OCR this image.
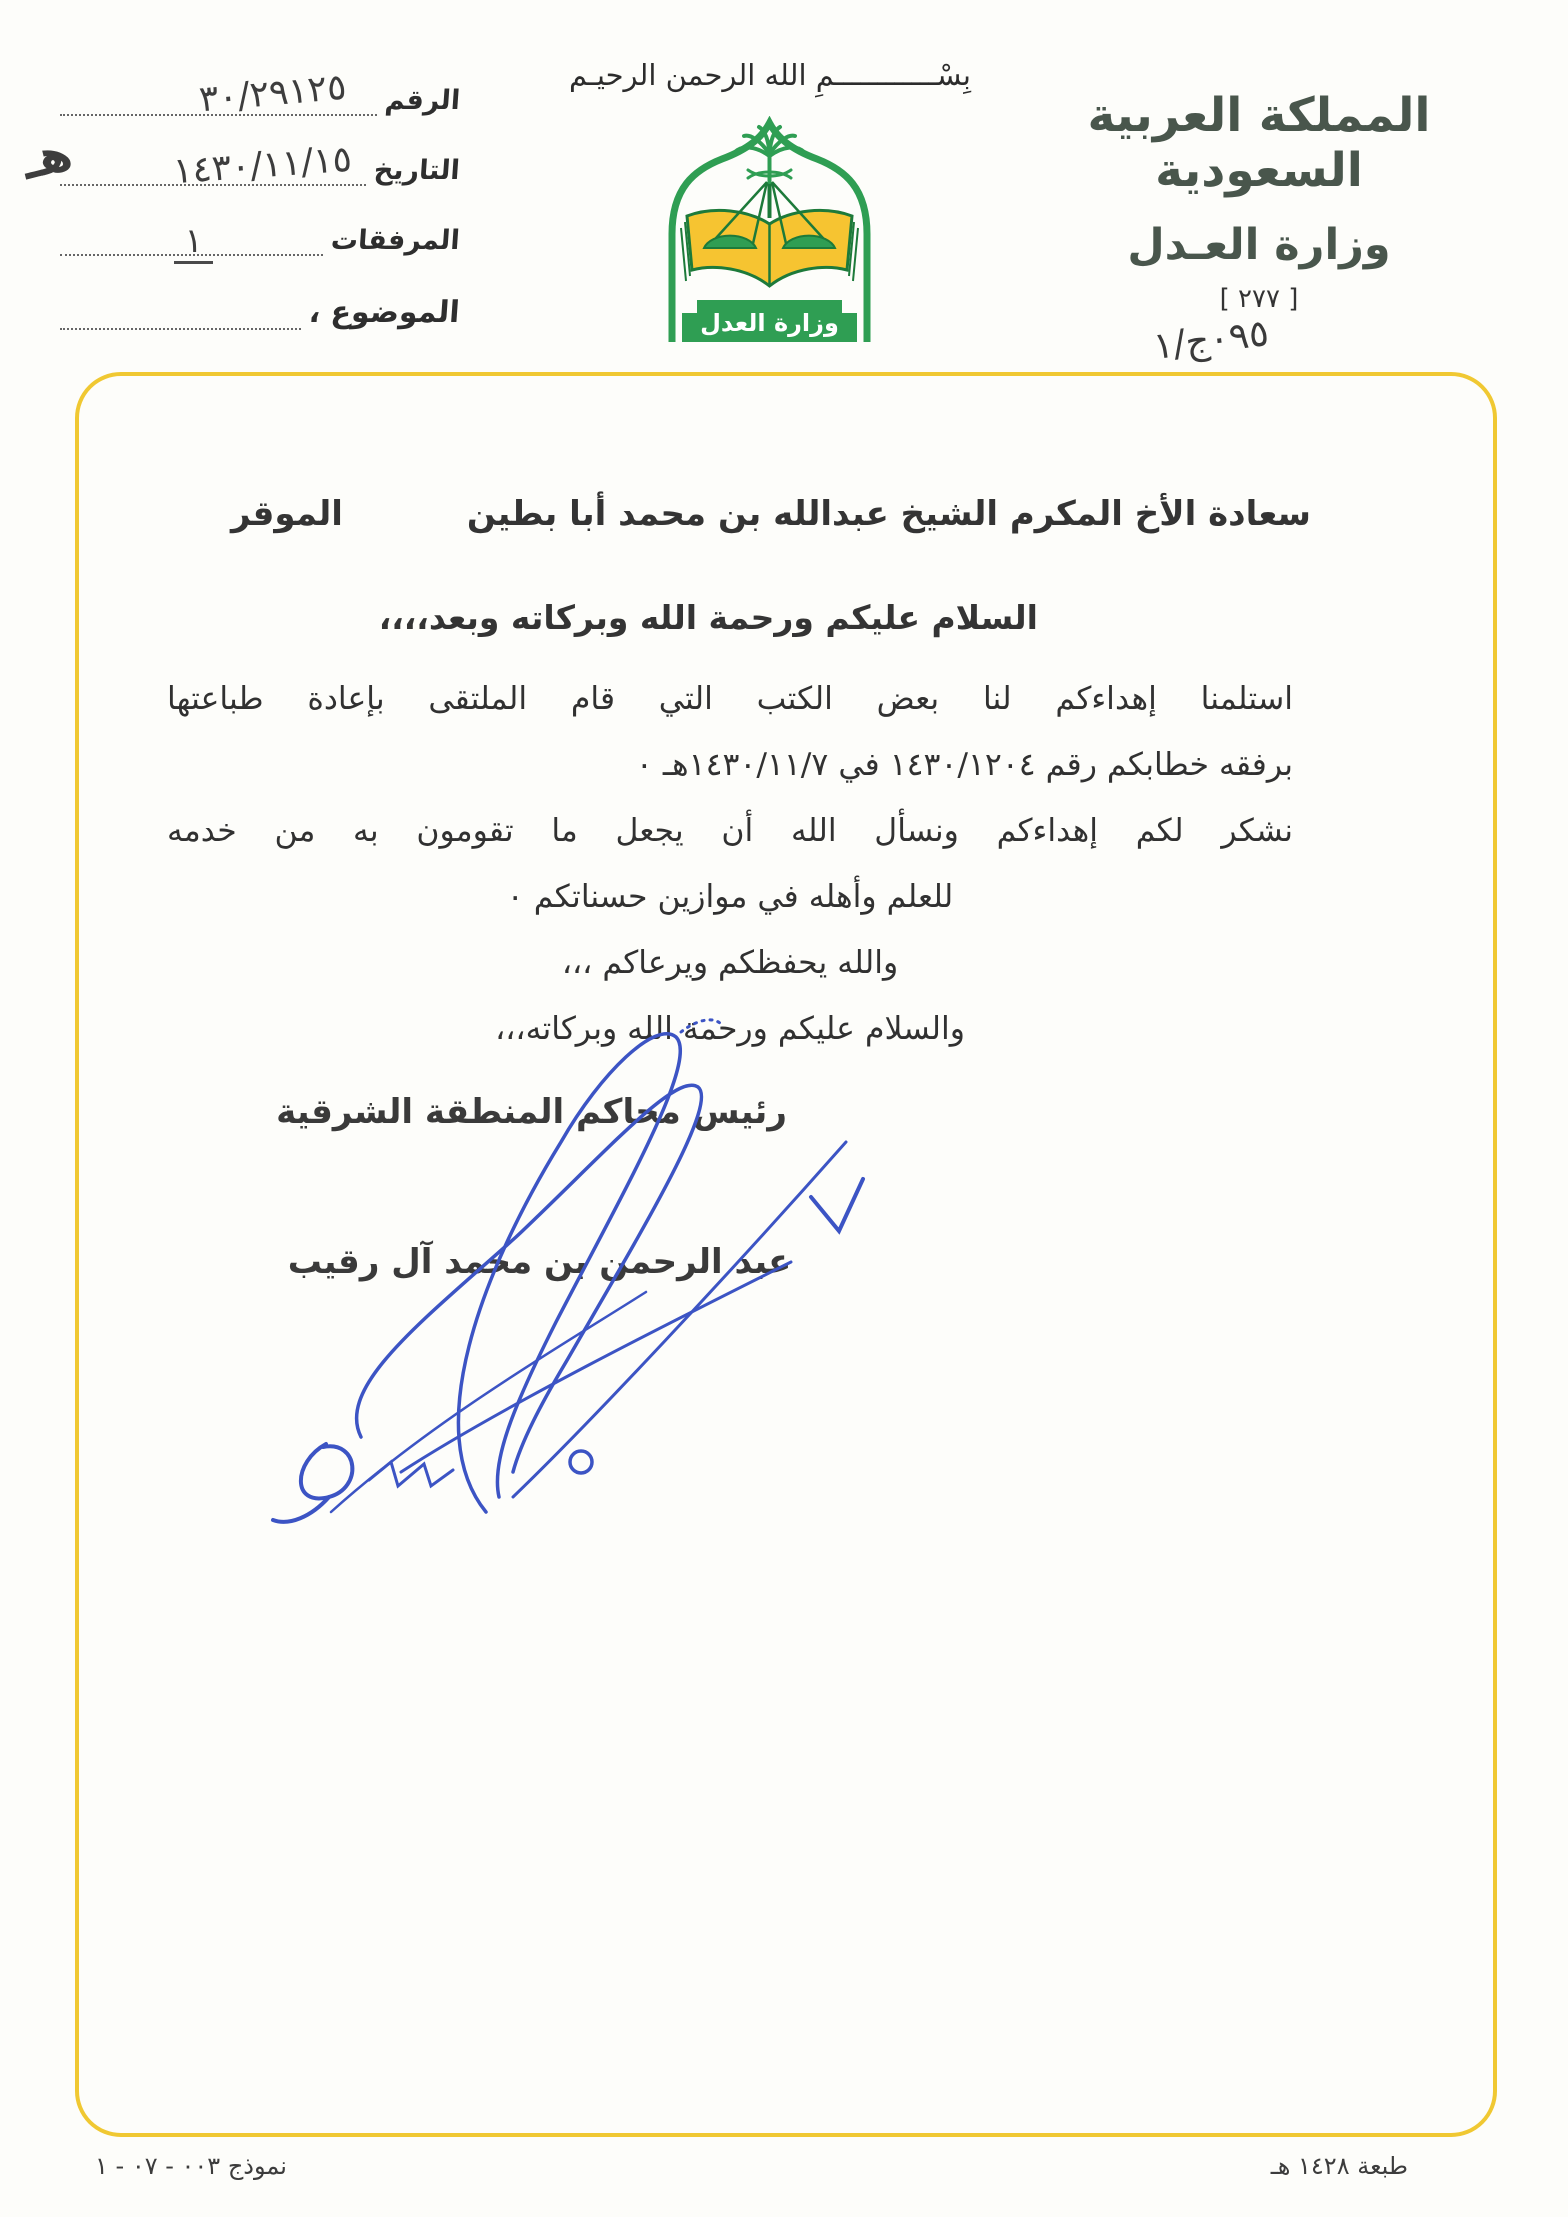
الرقم
٣٠/٢٩١٢٥
التاريخ
١٤٣٠/١١/١٥
هـ
المرفقات
١
الموضوع ،
بِسْــــــــــــمِ الله الرحمن الرحيـم
وزارة العدل
المملكة العربية السعودية
وزارة العـدل
[ ٢٧٧ ]
١/ج٠٩٥
سعادة الأخ المكرم الشيخ عبدالله بن محمد أبا بطين
الموقر
السلام عليكم ورحمة الله وبركاته وبعد،،،،
استلمنا إهداءكم لنا بعض الكتب التي قام الملتقى بإعادة طباعتها
برفقه خطابكم رقم ١٤٣٠/١٢٠٤ في ١٤٣٠/١١/٧هـ ٠
نشكر لكم إهداءكم ونسأل الله أن يجعل ما تقومون به من خدمه
للعلم وأهله في موازين حسناتكم ٠
والله يحفظكم ويرعاكم ،،،
والسلام عليكم ورحمة الله وبركاته،،،
رئيس محاكم المنطقة الشرقية
عبد الرحمن بن محمد آل رقيب
طبعة ١٤٢٨ هـ
نموذج ٠٠٣ - ٠٧ - ١
